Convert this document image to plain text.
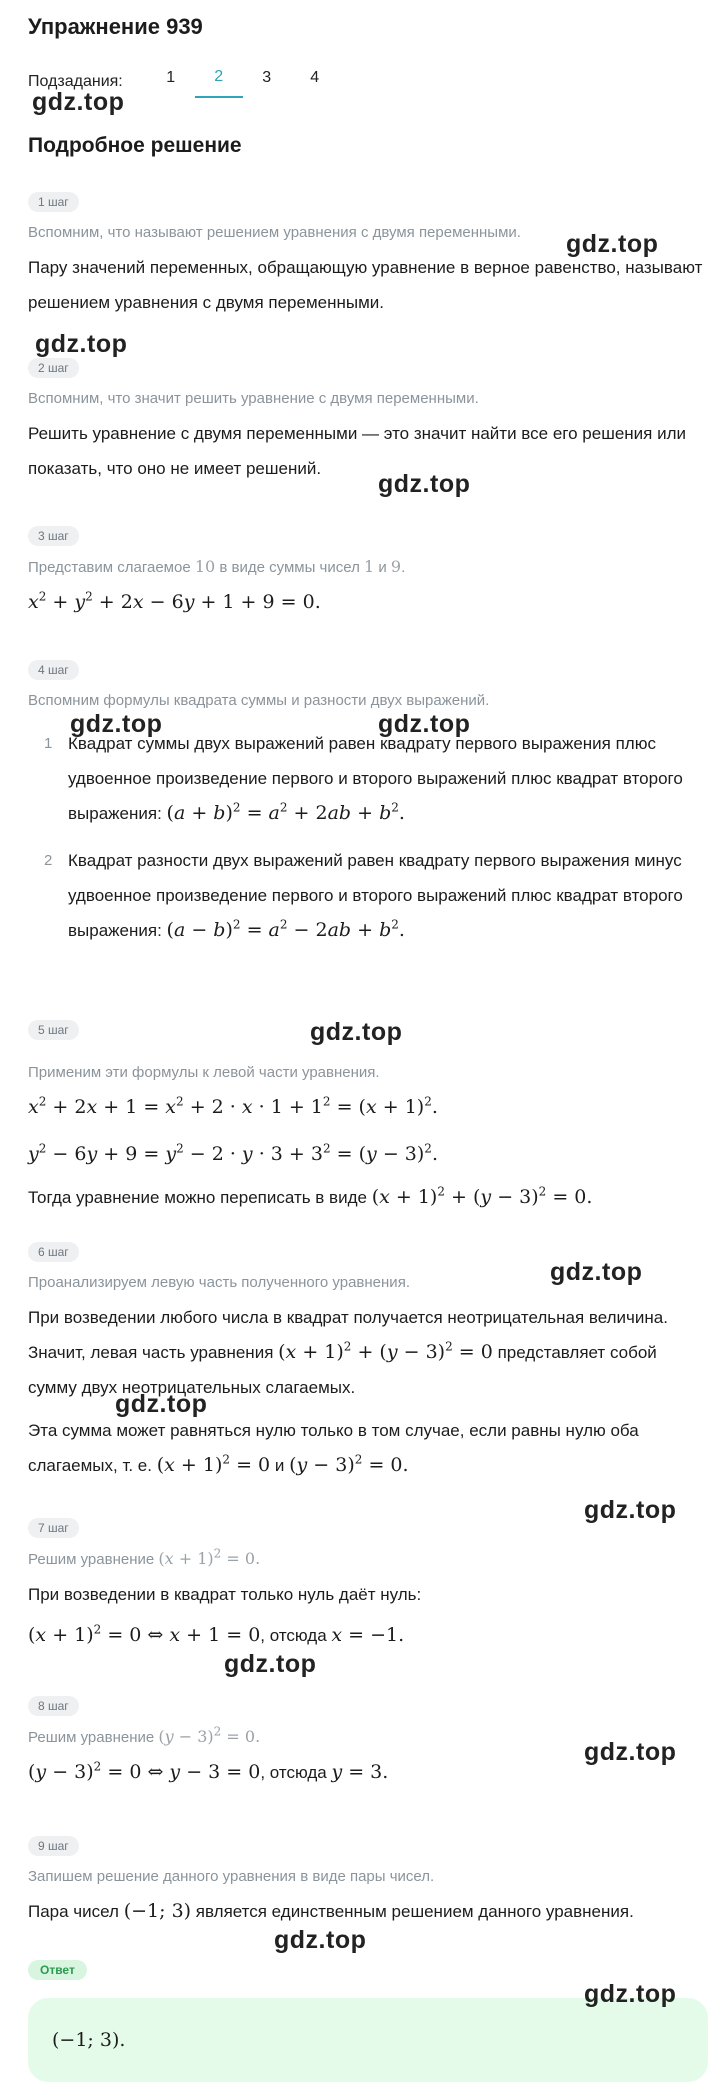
Упражнение 939
Подзадания:	1	2	3	4
Подробное решение
1 шаг
Вспомним, что называют решением уравнения с двумя переменными.
Пару значений переменных, обращающую уравнение в верное равенство, называют решением уравнения с двумя переменными.
2 шаг
Вспомним, что значит решить уравнение с двумя переменными.
Решить уравнение с двумя переменными — это значит найти все его решения или показать, что оно не имеет решений.
3 шаг
Представим слагаемое 10 в виде суммы чисел 1 и 9.
$x^2 + y^2 + 2x - 6y + 1 + 9 = 0$.
4 шаг
Вспомним формулы квадрата суммы и разности двух выражений.
1 Квадрат суммы двух выражений равен квадрату первого выражения плюс удвоенное произведение первого и второго выражений плюс квадрат второго выражения: $(a + b)^2 = a^2 + 2ab + b^2$.
2 Квадрат разности двух выражений равен квадрату первого выражения минус удвоенное произведение первого и второго выражений плюс квадрат второго выражения: $(a - b)^2 = a^2 - 2ab + b^2$.
5 шаг
Применим эти формулы к левой части уравнения.
$x^2 + 2x + 1 = x^2 + 2 \cdot x \cdot 1 + 1^2 = (x + 1)^2$.
$y^2 - 6y + 9 = y^2 - 2 \cdot y \cdot 3 + 3^2 = (y - 3)^2$.
Тогда уравнение можно переписать в виде $(x + 1)^2 + (y - 3)^2 = 0$.
6 шаг
Проанализируем левую часть полученного уравнения.
При возведении любого числа в квадрат получается неотрицательная величина. Значит, левая часть уравнения $(x + 1)^2 + (y - 3)^2 = 0$ представляет собой сумму двух неотрицательных слагаемых.
Эта сумма может равняться нулю только в том случае, если равны нулю оба слагаемых, т. е. $(x + 1)^2 = 0$ и $(y - 3)^2 = 0$.
7 шаг
Решим уравнение $(x + 1)^2 = 0$.
При возведении в квадрат только нуль даёт нуль:
$(x + 1)^2 = 0$ ⇔ x + 1 = 0, отсюда x = −1.
8 шаг
Решим уравнение $(y - 3)^2 = 0$.
$(y - 3)^2 = 0$ ⇔ y − 3 = 0, отсюда y = 3.
9 шаг
Запишем решение данного уравнения в виде пары чисел.
Пара чисел (−1; 3) является единственным решением данного уравнения.
Ответ
(−1; 3).
gdz.top
gdz.top
gdz.top
gdz.top
gdz.top	gdz.top
gdz.top
gdz.top
gdz.top
gdz.top
gdz.top
gdz.top
gdz.top
gdz.top
